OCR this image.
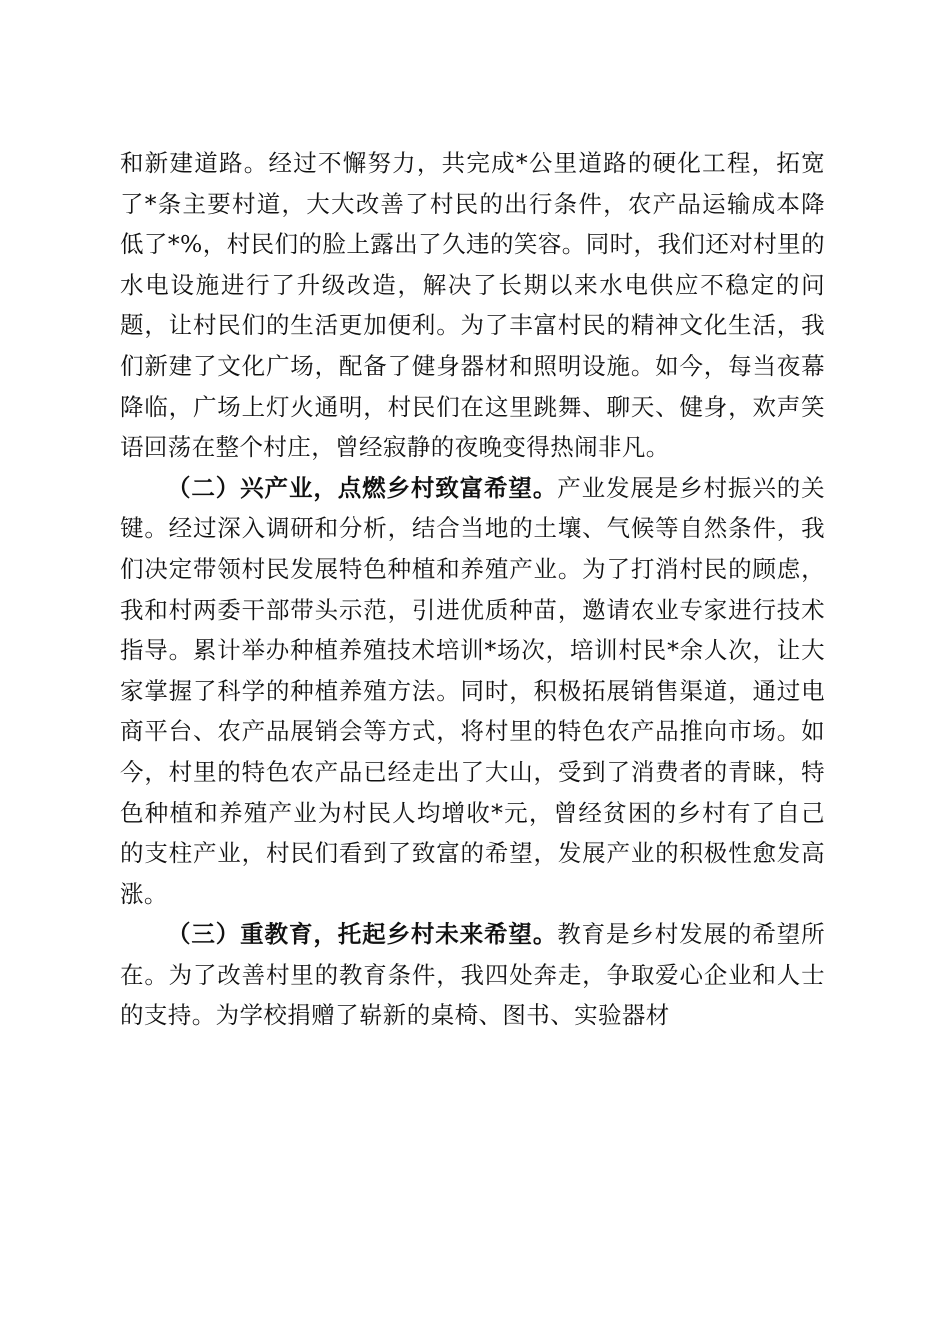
和新建道路。经过不懈努力，共完成*公里道路的硬化工程，拓宽了*条主要村道，大大改善了村民的出行条件，农产品运输成本降低了*%，村民们的脸上露出了久违的笑容。同时，我们还对村里的水电设施进行了升级改造，解决了长期以来水电供应不稳定的问题，让村民们的生活更加便利。为了丰富村民的精神文化生活，我们新建了文化广场，配备了健身器材和照明设施。如今，每当夜幕降临，广场上灯火通明，村民们在这里跳舞、聊天、健身，欢声笑语回荡在整个村庄，曾经寂静的夜晚变得热闹非凡。

（二）兴产业，点燃乡村致富希望。产业发展是乡村振兴的关键。经过深入调研和分析，结合当地的土壤、气候等自然条件，我们决定带领村民发展特色种植和养殖产业。为了打消村民的顾虑，我和村两委干部带头示范，引进优质种苗，邀请农业专家进行技术指导。累计举办种植养殖技术培训*场次，培训村民*余人次，让大家掌握了科学的种植养殖方法。同时，积极拓展销售渠道，通过电商平台、农产品展销会等方式，将村里的特色农产品推向市场。如今，村里的特色农产品已经走出了大山，受到了消费者的青睐，特色种植和养殖产业为村民人均增收*元，曾经贫困的乡村有了自己的支柱产业，村民们看到了致富的希望，发展产业的积极性愈发高涨。

（三）重教育，托起乡村未来希望。教育是乡村发展的希望所在。为了改善村里的教育条件，我四处奔走，争取爱心企业和人士的支持。为学校捐赠了崭新的桌椅、图书、实验器材
